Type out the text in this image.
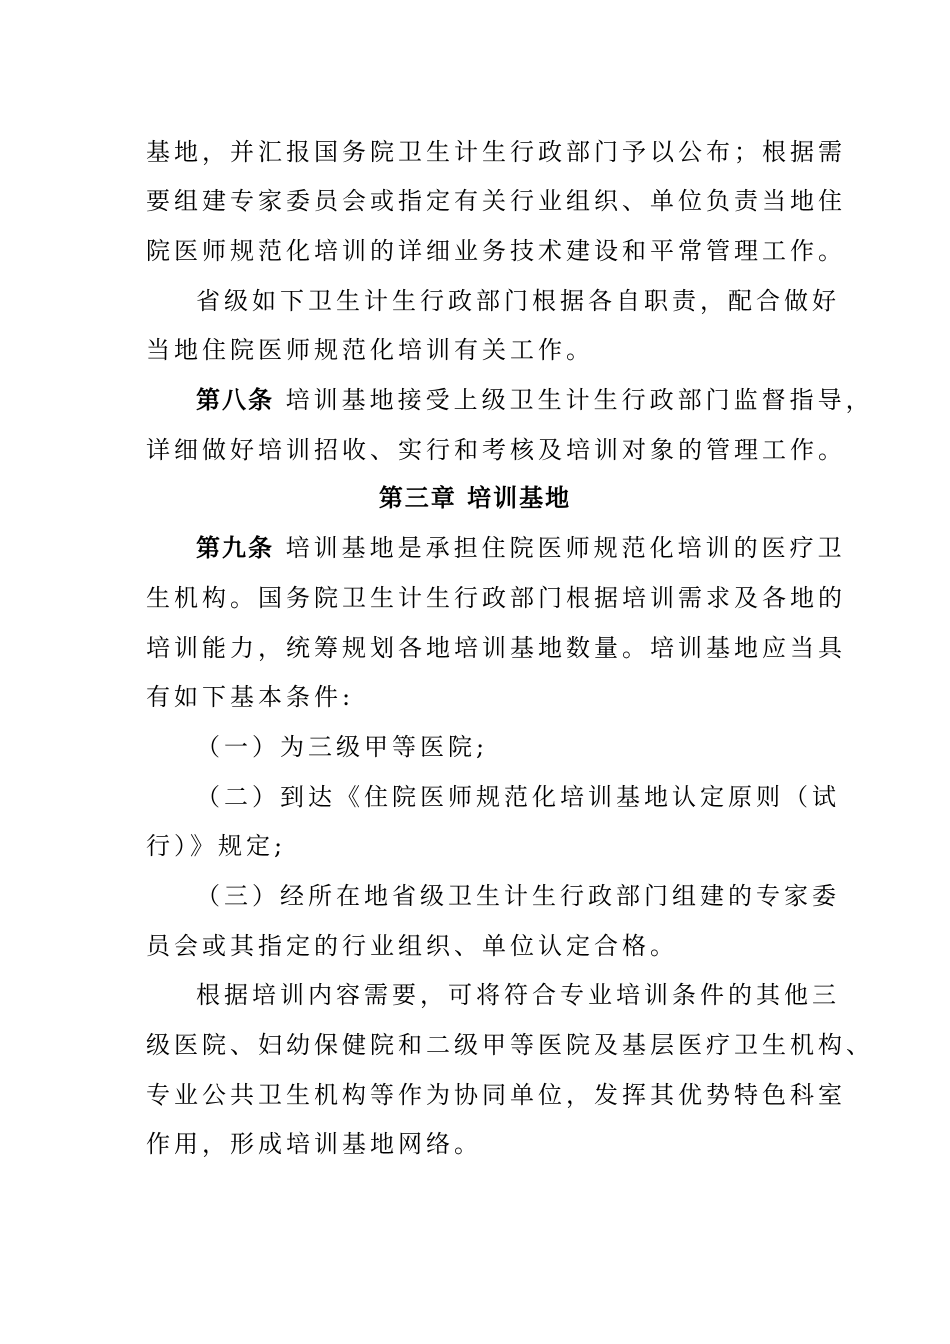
基地，并汇报国务院卫生计生行政部门予以公布；根据需
要组建专家委员会或指定有关行业组织、单位负责当地住
院医师规范化培训的详细业务技术建设和平常管理工作。
省级如下卫生计生行政部门根据各自职责，配合做好
当地住院医师规范化培训有关工作。
第八条 培训基地接受上级卫生计生行政部门监督指导，
详细做好培训招收、实行和考核及培训对象的管理工作。
第三章 培训基地
第九条 培训基地是承担住院医师规范化培训的医疗卫
生机构。国务院卫生计生行政部门根据培训需求及各地的
培训能力，统筹规划各地培训基地数量。培训基地应当具
有如下基本条件:
（一）为三级甲等医院;
（二）到达《住院医师规范化培训基地认定原则（试
行）》规定;
（三）经所在地省级卫生计生行政部门组建的专家委
员会或其指定的行业组织、单位认定合格。
根据培训内容需要，可将符合专业培训条件的其他三
级医院、妇幼保健院和二级甲等医院及基层医疗卫生机构、
专业公共卫生机构等作为协同单位，发挥其优势特色科室
作用，形成培训基地网络。
